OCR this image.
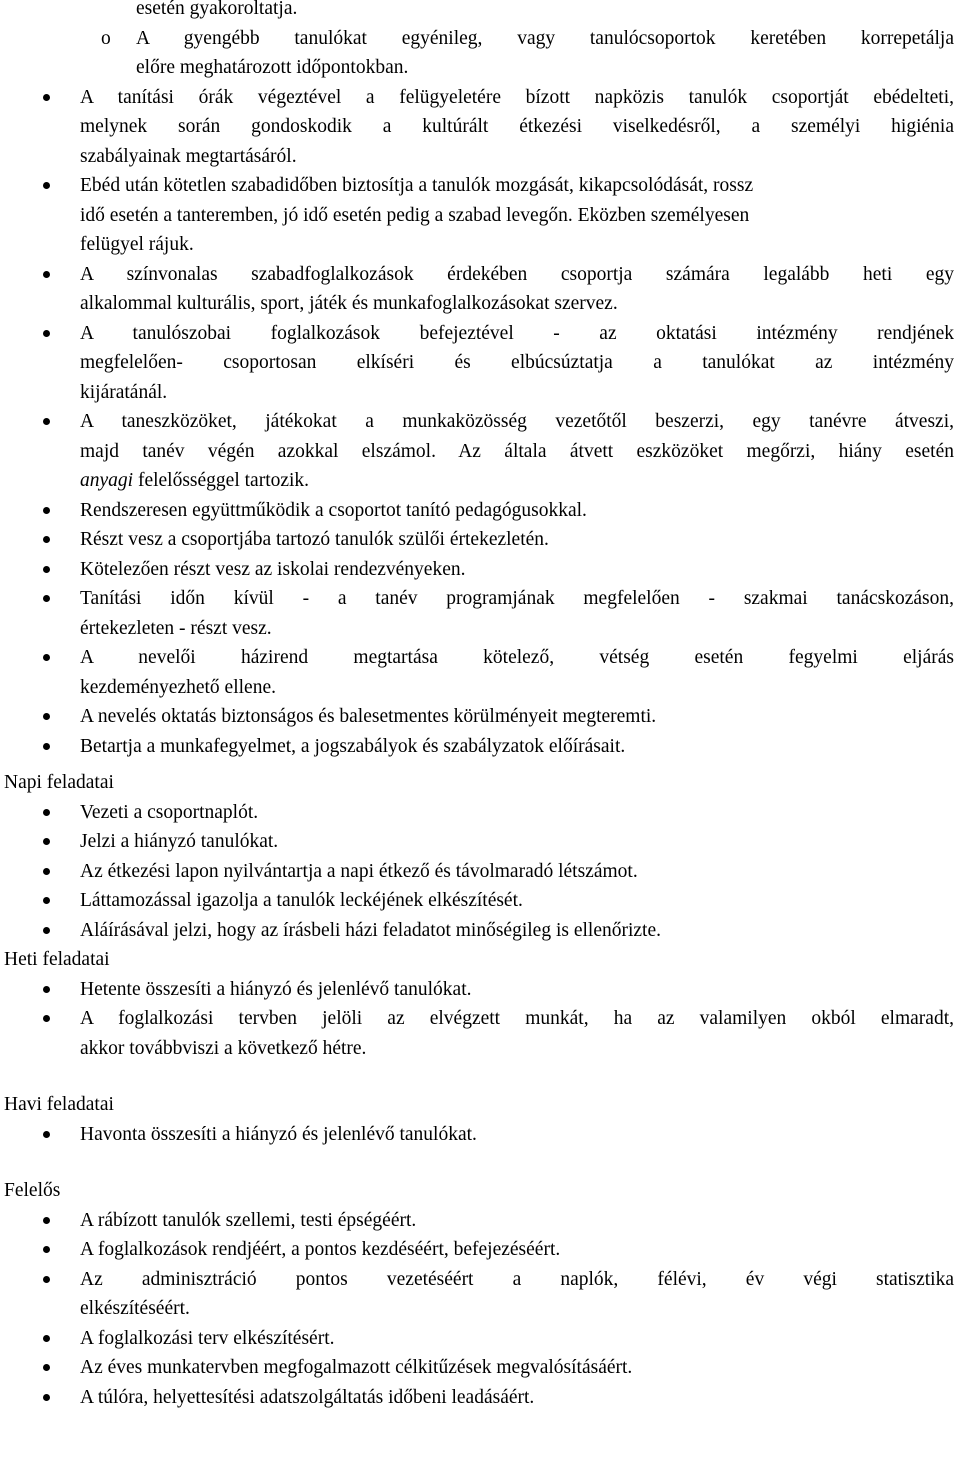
esetén gyakoroltatja.
o A gyengébb tanulókat egyénileg, vagy tanulócsoportok keretében korrepetálja
előre meghatározott időpontokban.
A tanítási órák végeztével a felügyeletére bízott napközis tanulók csoportját ebédelteti,
melynek során gondoskodik a kultúrált étkezési viselkedésről, a személyi higiénia
szabályainak megtartásáról.
Ebéd után kötetlen szabadidőben biztosítja a tanulók mozgását, kikapcsolódását, rossz
idő esetén a tanteremben, jó idő esetén pedig a szabad levegőn. Eközben személyesen
felügyel rájuk.
A színvonalas szabadfoglalkozások érdekében csoportja számára legalább heti egy
alkalommal kulturális, sport, játék és munkafoglalkozásokat szervez.
A tanulószobai foglalkozások befejeztével - az oktatási intézmény rendjének
megfelelően- csoportosan elkíséri és elbúcsúztatja a tanulókat az intézmény
kijáratánál.
A taneszközöket, játékokat a munkaközösség vezetőtől beszerzi, egy tanévre átveszi,
majd tanév végén azokkal elszámol. Az általa átvett eszközöket megőrzi, hiány esetén
anyagi felelősséggel tartozik.
Rendszeresen együttműködik a csoportot tanító pedagógusokkal.
Részt vesz a csoportjába tartozó tanulók szülői értekezletén.
Kötelezően részt vesz az iskolai rendezvényeken.
Tanítási időn kívül - a tanév programjának megfelelően - szakmai tanácskozáson,
értekezleten - részt vesz.
A nevelői házirend megtartása kötelező, vétség esetén fegyelmi eljárás
kezdeményezhető ellene.
A nevelés oktatás biztonságos és balesetmentes körülményeit megteremti.
Betartja a munkafegyelmet, a jogszabályok és szabályzatok előírásait.
Napi feladatai
Vezeti a csoportnaplót.
Jelzi a hiányzó tanulókat.
Az étkezési lapon nyilvántartja a napi étkező és távolmaradó létszámot.
Láttamozással igazolja a tanulók leckéjének elkészítését.
Aláírásával jelzi, hogy az írásbeli házi feladatot minőségileg is ellenőrizte.
Heti feladatai
Hetente összesíti a hiányzó és jelenlévő tanulókat.
A foglalkozási tervben jelöli az elvégzett munkát, ha az valamilyen okból elmaradt,
akkor továbbviszi a következő hétre.
Havi feladatai
Havonta összesíti a hiányzó és jelenlévő tanulókat.
Felelős
A rábízott tanulók szellemi, testi épségéért.
A foglalkozások rendjéért, a pontos kezdéséért, befejezéséért.
Az adminisztráció pontos vezetéséért a naplók, félévi, év végi statisztika
elkészítéséért.
A foglalkozási terv elkészítésért.
Az éves munkatervben megfogalmazott célkitűzések megvalósításáért.
A túlóra, helyettesítési adatszolgáltatás időbeni leadásáért.
